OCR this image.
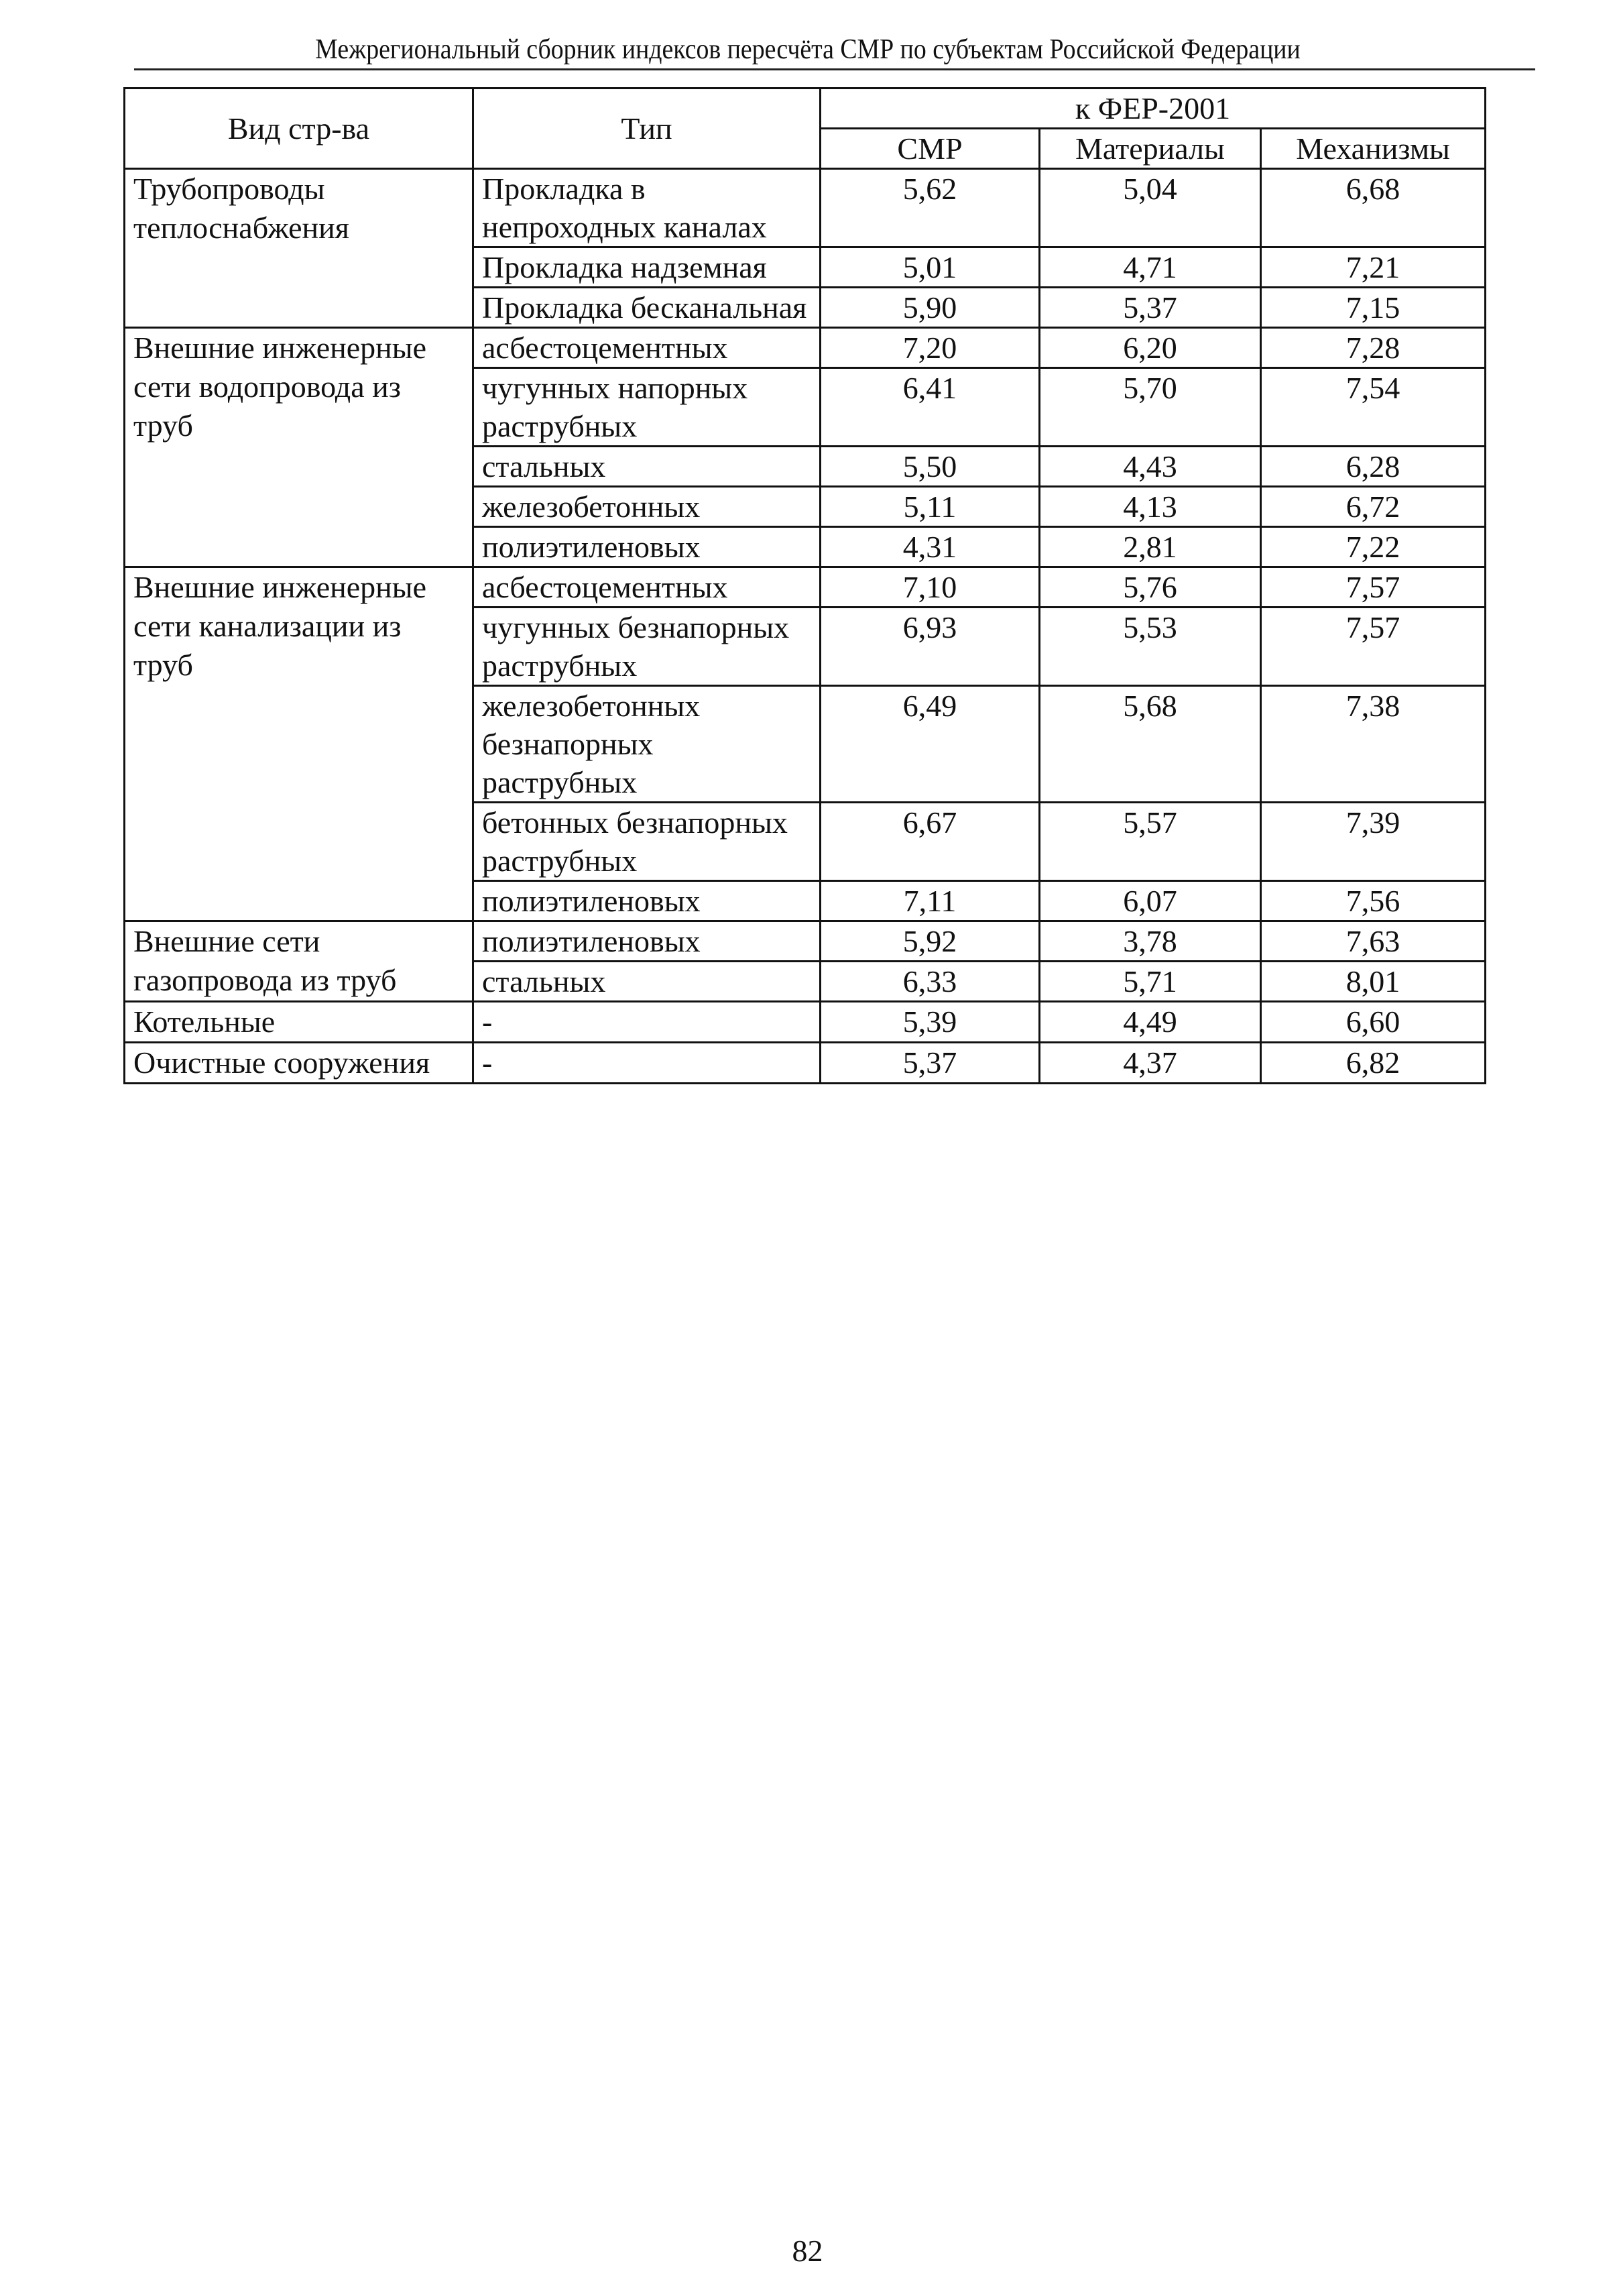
Межрегиональный сборник индексов пересчёта СМР по субъектам Российской Федерации
Вид стр-ва	Тип	к ФЕР-2001		
		СМР	Материалы	Механизмы
Трубопроводы теплоснабжения	Прокладка в непроходных каналах	5,62	5,04	6,68
	Прокладка надземная	5,01	4,71	7,21
	Прокладка бесканальная	5,90	5,37	7,15
Внешние инженерные сети водопровода из труб	асбестоцементных	7,20	6,20	7,28
	чугунных напорных раструбных	6,41	5,70	7,54
	стальных	5,50	4,43	6,28
	железобетонных	5,11	4,13	6,72
	полиэтиленовых	4,31	2,81	7,22
Внешние инженерные сети канализации из труб	асбестоцементных	7,10	5,76	7,57
	чугунных безнапорных раструбных	6,93	5,53	7,57
	железобетонных безнапорных раструбных	6,49	5,68	7,38
	бетонных безнапорных раструбных	6,67	5,57	7,39
	полиэтиленовых	7,11	6,07	7,56
Внешние сети газопровода из труб	полиэтиленовых	5,92	3,78	7,63
	стальных	6,33	5,71	8,01
Котельные	-	5,39	4,49	6,60
Очистные сооружения	-	5,37	4,37	6,82
82
